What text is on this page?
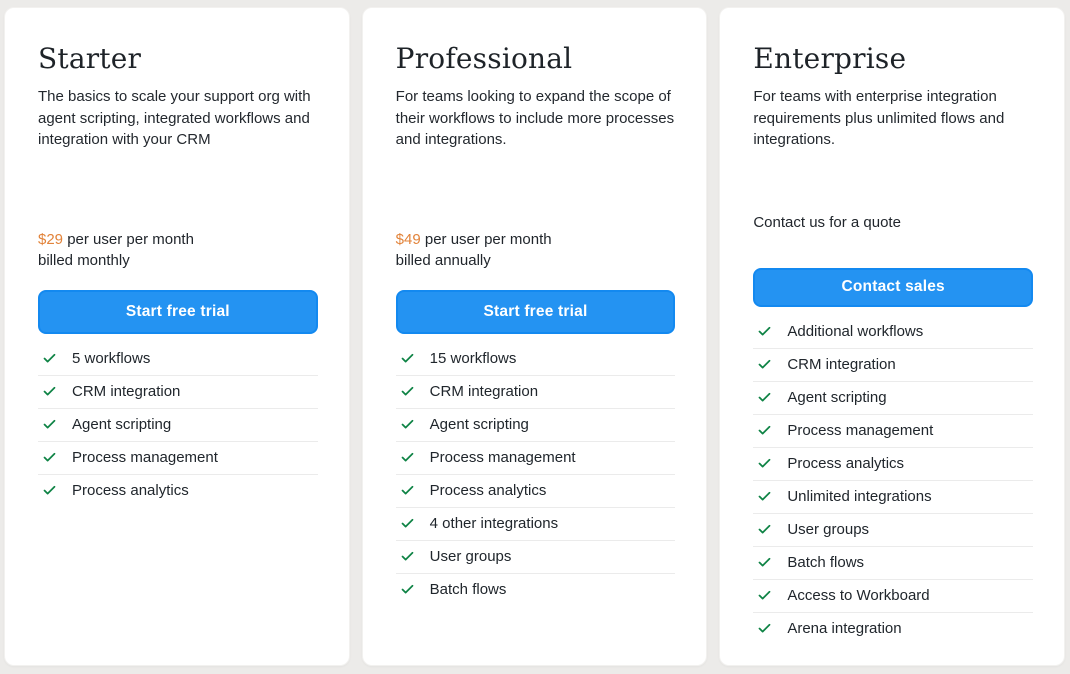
Starter

The basics to scale your support org with agent scripting, integrated workflows and integration with your CRM

$29 per user per month
billed monthly
Start free trial
5 workflows
CRM integration
Agent scripting
Process management
Process analytics
Professional

For teams looking to expand the scope of their workflows to include more processes and integrations.

$49 per user per month
billed annually
Start free trial
15 workflows
CRM integration
Agent scripting
Process management
Process analytics
4 other integrations
User groups
Batch flows
Enterprise

For teams with enterprise integration requirements plus unlimited flows and integrations.

Contact us for a quote
Contact sales
Additional workflows
CRM integration
Agent scripting
Process management
Process analytics
Unlimited integrations
User groups
Batch flows
Access to Workboard
Arena integration
